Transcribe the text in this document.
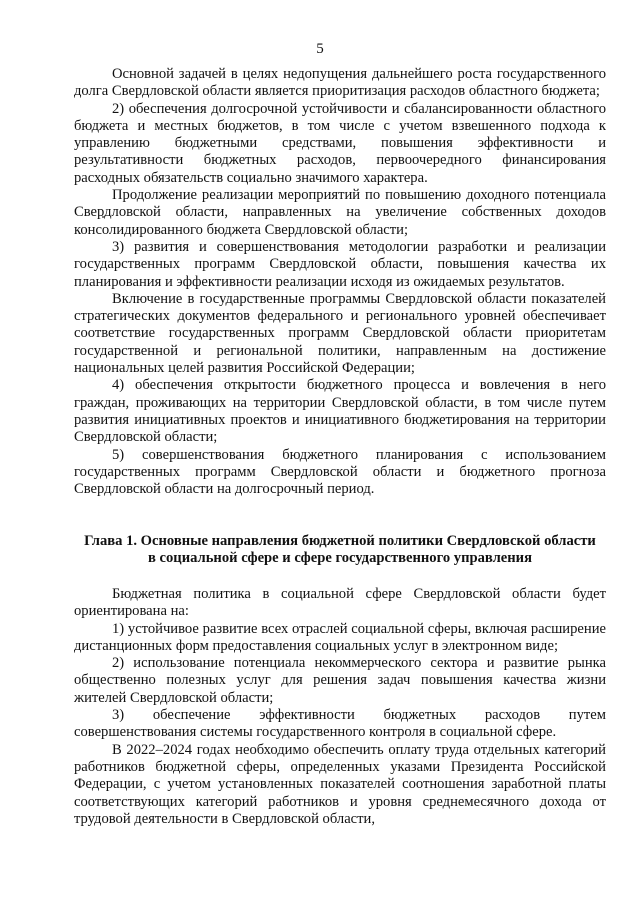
5

Основной задачей в целях недопущения дальнейшего роста государственного долга Свердловской области является приоритизация расходов областного бюджета;

2) обеспечения долгосрочной устойчивости и сбалансированности областного бюджета и местных бюджетов, в том числе с учетом взвешенного подхода к управлению бюджетными средствами, повышения эффективности и результативности бюджетных расходов, первоочередного финансирования расходных обязательств социально значимого характера.

Продолжение реализации мероприятий по повышению доходного потенциала Свердловской области, направленных на увеличение собственных доходов консолидированного бюджета Свердловской области;

3) развития и совершенствования методологии разработки и реализации государственных программ Свердловской области, повышения качества их планирования и эффективности реализации исходя из ожидаемых результатов.

Включение в государственные программы Свердловской области показателей стратегических документов федерального и регионального уровней обеспечивает соответствие государственных программ Свердловской области приоритетам государственной и региональной политики, направленным на достижение национальных целей развития Российской Федерации;

4) обеспечения открытости бюджетного процесса и вовлечения в него граждан, проживающих на территории Свердловской области, в том числе путем развития инициативных проектов и инициативного бюджетирования на территории Свердловской области;

5) совершенствования бюджетного планирования с использованием государственных программ Свердловской области и бюджетного прогноза Свердловской области на долгосрочный период.

Глава 1. Основные направления бюджетной политики Свердловской области
в социальной сфере и сфере государственного управления

Бюджетная политика в социальной сфере Свердловской области будет ориентирована на:

1) устойчивое развитие всех отраслей социальной сферы, включая расширение дистанционных форм предоставления социальных услуг в электронном виде;

2) использование потенциала некоммерческого сектора и развитие рынка общественно полезных услуг для решения задач повышения качества жизни жителей Свердловской области;

3) обеспечение эффективности бюджетных расходов путем совершенствования системы государственного контроля в социальной сфере.

В 2022–2024 годах необходимо обеспечить оплату труда отдельных категорий работников бюджетной сферы, определенных указами Президента Российской Федерации, с учетом установленных показателей соотношения заработной платы соответствующих категорий работников и уровня среднемесячного дохода от трудовой деятельности в Свердловской области,
